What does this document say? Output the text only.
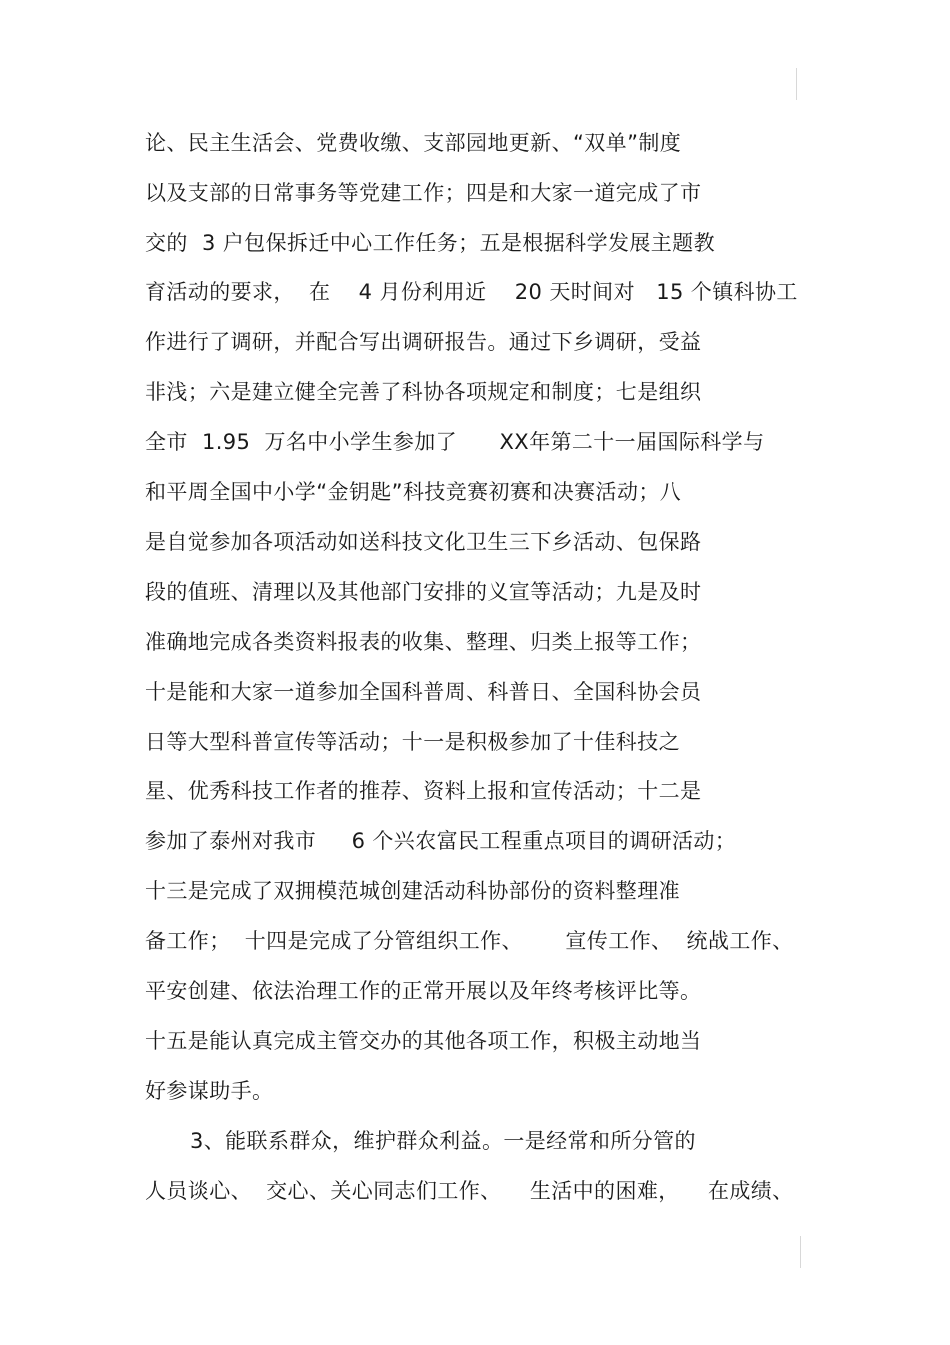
论、民主生活会、党费收缴、支部园地更新、“双单”制度
以及支部的日常事务等党建工作；四是和大家一道完成了市
交的  3 户包保拆迁中心工作任务；五是根据科学发展主题教
育活动的要求，  在    4 月份利用近    20 天时间对   15 个镇科协工
作进行了调研，并配合写出调研报告。通过下乡调研，受益
非浅；六是建立健全完善了科协各项规定和制度；七是组织
全市  1.95  万名中小学生参加了      XX年第二十一届国际科学与
和平周全国中小学“金钥匙”科技竞赛初赛和决赛活动；八
是自觉参加各项活动如送科技文化卫生三下乡活动、包保路
段的值班、清理以及其他部门安排的义宣等活动；九是及时
准确地完成各类资料报表的收集、整理、归类上报等工作；
十是能和大家一道参加全国科普周、科普日、全国科协会员
日等大型科普宣传等活动；十一是积极参加了十佳科技之
星、优秀科技工作者的推荐、资料上报和宣传活动；十二是
参加了泰州对我市     6 个兴农富民工程重点项目的调研活动；
十三是完成了双拥模范城创建活动科协部份的资料整理准
备工作；  十四是完成了分管组织工作、      宣传工作、  统战工作、
平安创建、依法治理工作的正常开展以及年终考核评比等。
十五是能认真完成主管交办的其他各项工作，积极主动地当
好参谋助手。
3、能联系群众，维护群众利益。一是经常和所分管的
人员谈心、  交心、关心同志们工作、    生活中的困难，    在成绩、
